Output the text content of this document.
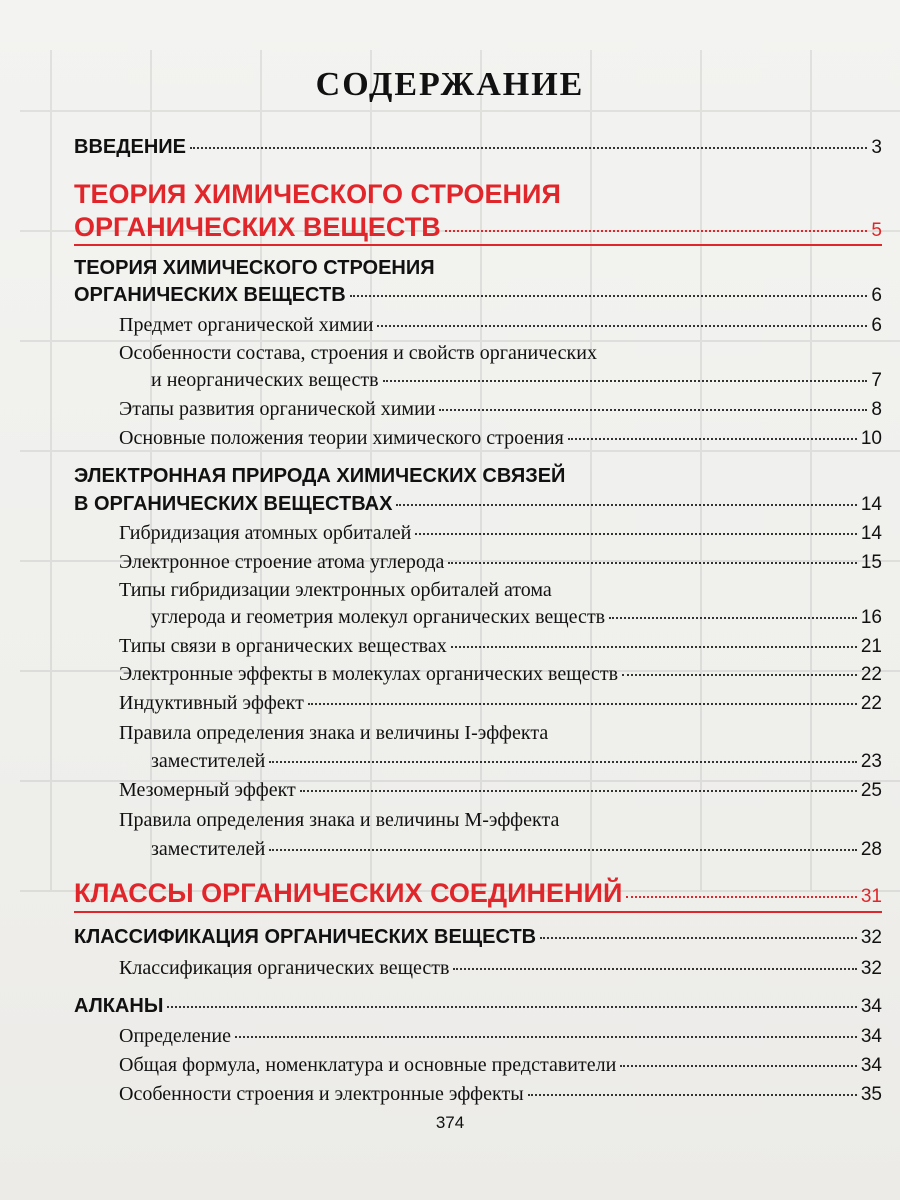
СОДЕРЖАНИЕ
ВВЕДЕНИЕ	3
ТЕОРИЯ ХИМИЧЕСКОГО СТРОЕНИЯ
ОРГАНИЧЕСКИХ ВЕЩЕСТВ	5
ТЕОРИЯ ХИМИЧЕСКОГО СТРОЕНИЯ
ОРГАНИЧЕСКИХ ВЕЩЕСТВ	6
Предмет органической химии	6
Особенности состава, строения и свойств органических
и неорганических веществ	7
Этапы развития органической химии	8
Основные положения теории химического строения	10
ЭЛЕКТРОННАЯ ПРИРОДА ХИМИЧЕСКИХ СВЯЗЕЙ
В ОРГАНИЧЕСКИХ ВЕЩЕСТВАХ	14
Гибридизация атомных орбиталей	14
Электронное строение атома углерода	15
Типы гибридизации электронных орбиталей атома
углерода и геометрия молекул органических веществ	16
Типы связи в органических веществах	21
Электронные эффекты в молекулах органических веществ	22
Индуктивный эффект	22
Правила определения знака и величины I-эффекта
заместителей	23
Мезомерный эффект	25
Правила определения знака и величины М-эффекта
заместителей	28
КЛАССЫ ОРГАНИЧЕСКИХ СОЕДИНЕНИЙ	31
КЛАССИФИКАЦИЯ ОРГАНИЧЕСКИХ ВЕЩЕСТВ	32
Классификация органических веществ	32
АЛКАНЫ	34
Определение	34
Общая формула, номенклатура и основные представители	34
Особенности строения и электронные эффекты	35
374
